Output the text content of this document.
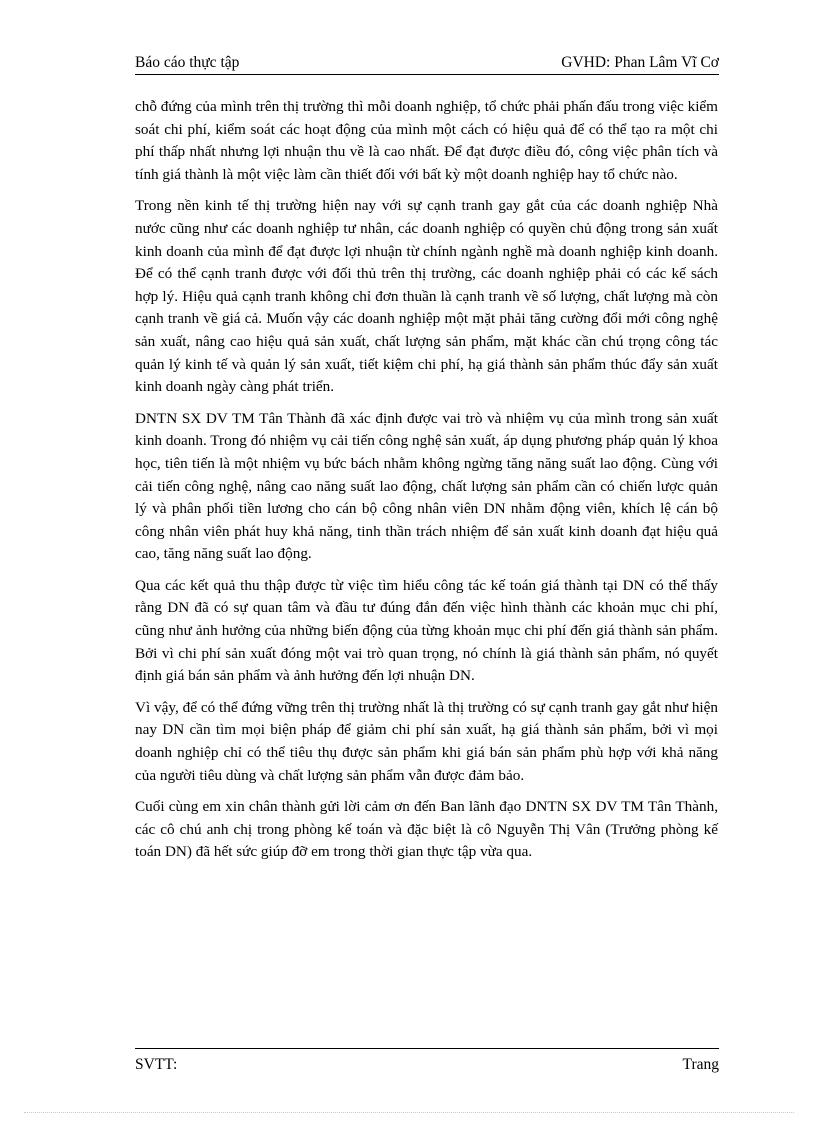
Báo cáo thực tập	GVHD: Phan Lâm Vĩ Cơ

chỗ đứng của mình trên thị trường thì mỗi doanh nghiệp, tổ chức phải phấn đấu trong việc kiểm soát chi phí, kiểm soát các hoạt động của mình một cách có hiệu quả để có thể tạo ra một chi phí thấp nhất nhưng lợi nhuận thu về là cao nhất. Để đạt được điều đó, công việc phân tích và tính giá thành là một việc làm cần thiết đối với bất kỳ một doanh nghiệp hay tổ chức nào.

Trong nền kinh tế thị trường hiện nay với sự cạnh tranh gay gắt của các doanh nghiệp Nhà nước cũng như các doanh nghiệp tư nhân, các doanh nghiệp có quyền chủ động trong sản xuất kinh doanh của mình để đạt được lợi nhuận từ chính ngành nghề mà doanh nghiệp kinh doanh. Để có thể cạnh tranh được với đối thủ trên thị trường, các doanh nghiệp phải có các kế sách hợp lý. Hiệu quả cạnh tranh không chỉ đơn thuần là cạnh tranh về số lượng, chất lượng mà còn cạnh tranh về giá cả. Muốn vậy các doanh nghiệp một mặt phải tăng cường đổi mới công nghệ sản xuất, nâng cao hiệu quả sản xuất, chất lượng sản phẩm, mặt khác cần chú trọng công tác quản lý kinh tế và quản lý sản xuất, tiết kiệm chi phí, hạ giá thành sản phẩm thúc đẩy sản xuất kinh doanh ngày càng phát triển.

DNTN SX DV TM Tân Thành đã xác định được vai trò và nhiệm vụ của mình trong sản xuất kinh doanh. Trong đó nhiệm vụ cải tiến công nghệ sản xuất, áp dụng phương pháp quản lý khoa học, tiên tiến là một nhiệm vụ bức bách nhằm không ngừng tăng năng suất lao động. Cùng với cải tiến công nghệ, nâng cao năng suất lao động, chất lượng sản phẩm cần có chiến lược quản lý và phân phối tiền lương cho cán bộ công nhân viên DN nhằm động viên, khích lệ cán bộ công nhân viên phát huy khả năng, tinh thần trách nhiệm để sản xuất kinh doanh đạt hiệu quả cao, tăng năng suất lao động.

Qua các kết quả thu thập được từ việc tìm hiểu công tác kế toán giá thành tại DN có thể thấy rằng DN đã có sự quan tâm và đầu tư đúng đắn đến việc hình thành các khoản mục chi phí, cũng như ảnh hưởng của những biến động của từng khoản mục chi phí đến giá thành sản phẩm. Bởi vì chi phí sản xuất đóng một vai trò quan trọng, nó chính là giá thành sản phẩm, nó quyết định giá bán sản phẩm và ảnh hưởng đến lợi nhuận DN.

Vì vậy, để có thể đứng vững trên thị trường nhất là thị trường có sự cạnh tranh gay gắt như hiện nay DN cần tìm mọi biện pháp để giảm chi phí sản xuất, hạ giá thành sản phẩm, bởi vì mọi doanh nghiệp chỉ có thể tiêu thụ được sản phẩm khi giá bán sản phẩm phù hợp với khả năng của người tiêu dùng và chất lượng sản phẩm vẫn được đảm bảo.

Cuối cùng em xin chân thành gửi lời cảm ơn đến Ban lãnh đạo DNTN SX DV TM Tân Thành, các cô chú anh chị trong phòng kế toán và đặc biệt là cô Nguyễn Thị Vân (Trưởng phòng kế toán DN) đã hết sức giúp đỡ em trong thời gian thực tập vừa qua.

SVTT:	Trang
